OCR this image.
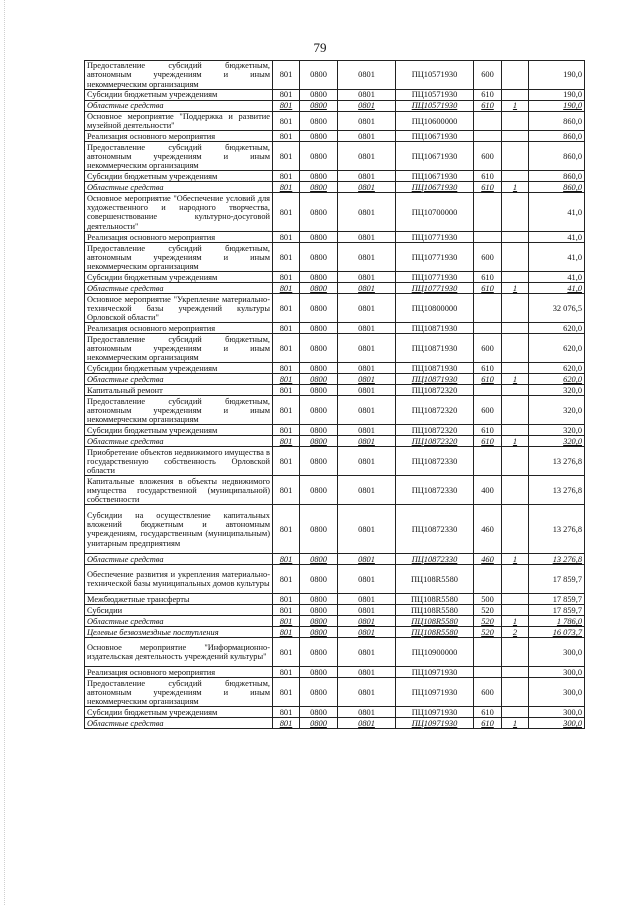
79
Предоставление субсидий бюджетным, автономным учреждениям и иным некоммерческим организациям	801	0800	0801	ПЦ10571930	600		190,0
Субсидии бюджетным учреждениям	801	0800	0801	ПЦ10571930	610		190,0
Областные средства	801	0800	0801	ПЦ10571930	610	1	190,0
Основное мероприятие "Поддержка и развитие музейной деятельности"	801	0800	0801	ПЦ10600000			860,0
Реализация основного мероприятия	801	0800	0801	ПЦ10671930			860,0
Предоставление субсидий бюджетным, автономным учреждениям и иным некоммерческим организациям	801	0800	0801	ПЦ10671930	600		860,0
Субсидии бюджетным учреждениям	801	0800	0801	ПЦ10671930	610		860,0
Областные средства	801	0800	0801	ПЦ10671930	610	1	860,0
Основное мероприятие "Обеспечение условий для художественного и народного творчества, совершенствование культурно-досуговой деятельности"	801	0800	0801	ПЦ10700000			41,0
Реализация основного мероприятия	801	0800	0801	ПЦ10771930			41,0
Предоставление субсидий бюджетным, автономным учреждениям и иным некоммерческим организациям	801	0800	0801	ПЦ10771930	600		41,0
Субсидии бюджетным учреждениям	801	0800	0801	ПЦ10771930	610		41,0
Областные средства	801	0800	0801	ПЦ10771930	610	1	41,0
Основное мероприятие "Укрепление материально-технической базы учреждений культуры Орловской области"	801	0800	0801	ПЦ10800000			32 076,5
Реализация основного мероприятия	801	0800	0801	ПЦ10871930			620,0
Предоставление субсидий бюджетным, автономным учреждениям и иным некоммерческим организациям	801	0800	0801	ПЦ10871930	600		620,0
Субсидии бюджетным учреждениям	801	0800	0801	ПЦ10871930	610		620,0
Областные средства	801	0800	0801	ПЦ10871930	610	1	620,0
Капитальный ремонт	801	0800	0801	ПЦ10872320			320,0
Предоставление субсидий бюджетным, автономным учреждениям и иным некоммерческим организациям	801	0800	0801	ПЦ10872320	600		320,0
Субсидии бюджетным учреждениям	801	0800	0801	ПЦ10872320	610		320,0
Областные средства	801	0800	0801	ПЦ10872320	610	1	320,0
Приобретение объектов недвижимого имущества в государственную собственность Орловской области	801	0800	0801	ПЦ10872330			13 276,8
Капитальные вложения в объекты недвижимого имущества государственной (муниципальной) собственности	801	0800	0801	ПЦ10872330	400		13 276,8
Субсидии на осуществление капитальных вложений бюджетным и автономным учреждениям, государственным (муниципальным) унитарным предприятиям	801	0800	0801	ПЦ10872330	460		13 276,8
Областные средства	801	0800	0801	ПЦ10872330	460	1	13 276,8
Обеспечение развития и укрепления материально-технической базы муниципальных домов культуры	801	0800	0801	ПЦ108R5580			17 859,7
Межбюджетные трансферты	801	0800	0801	ПЦ108R5580	500		17 859,7
Субсидии	801	0800	0801	ПЦ108R5580	520		17 859,7
Областные средства	801	0800	0801	ПЦ108R5580	520	1	1 786,0
Целевые безвозмездные поступления	801	0800	0801	ПЦ108R5580	520	2	16 073,7
Основное мероприятие "Информационно-издательская деятельность учреждений культуры"	801	0800	0801	ПЦ10900000			300,0
Реализация основного мероприятия	801	0800	0801	ПЦ10971930			300,0
Предоставление субсидий бюджетным, автономным учреждениям и иным некоммерческим организациям	801	0800	0801	ПЦ10971930	600		300,0
Субсидии бюджетным учреждениям	801	0800	0801	ПЦ10971930	610		300,0
Областные средства	801	0800	0801	ПЦ10971930	610	1	300,0
